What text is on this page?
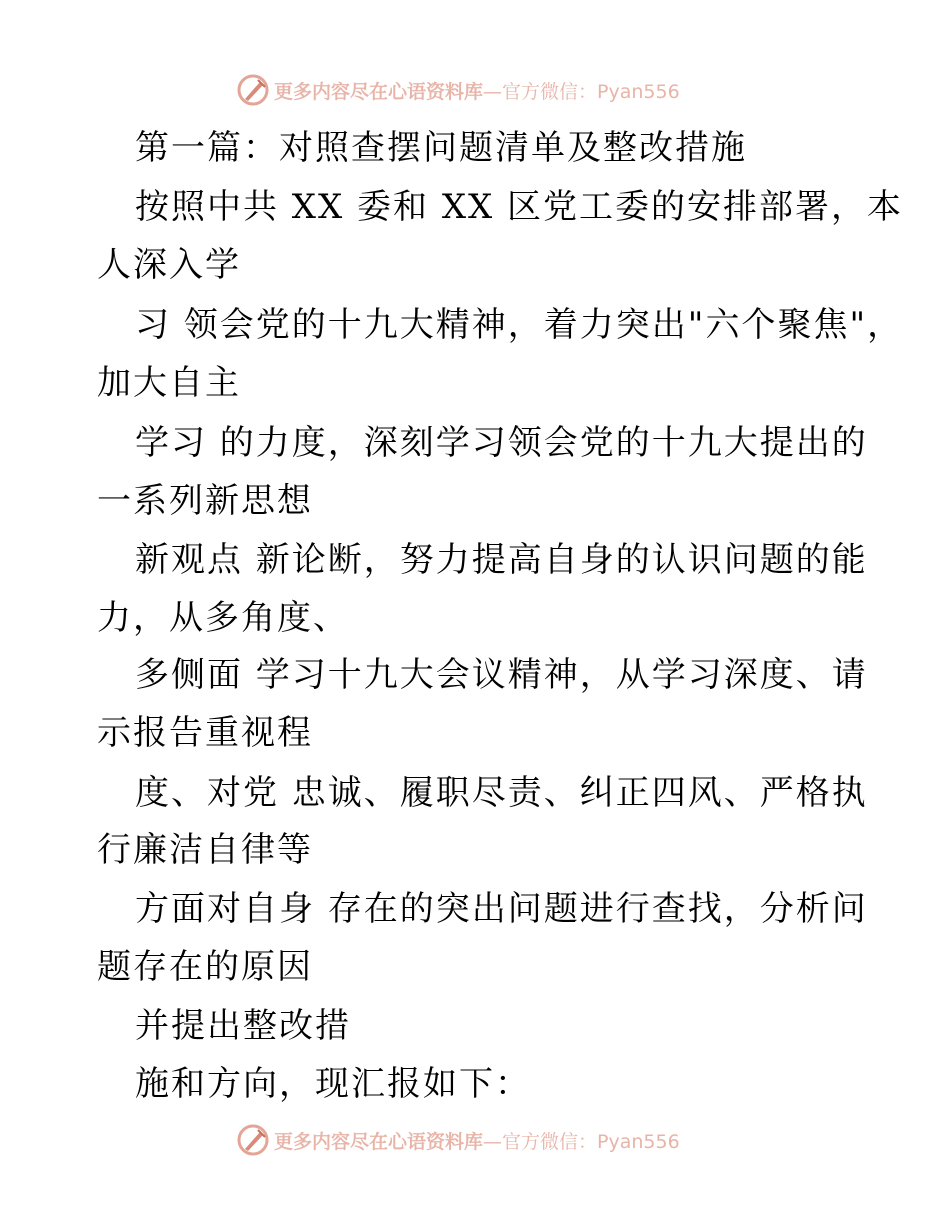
更多内容尽在心语资料库—官方微信：Pyan556
第一篇：对照查摆问题清单及整改措施
按照中共 XX 委和 XX 区党工委的安排部署，本
人深入学
习 领会党的十九大精神，着力突出"六个聚焦"，
加大自主
学习 的力度，深刻学习领会党的十九大提出的
一系列新思想
新观点 新论断，努力提高自身的认识问题的能
力，从多角度、
多侧面 学习十九大会议精神，从学习深度、请
示报告重视程
度、对党 忠诚、履职尽责、纠正四风、严格执
行廉洁自律等
方面对自身 存在的突出问题进行查找，分析问
题存在的原因
并提出整改措
施和方向，现汇报如下：
更多内容尽在心语资料库—官方微信：Pyan556
